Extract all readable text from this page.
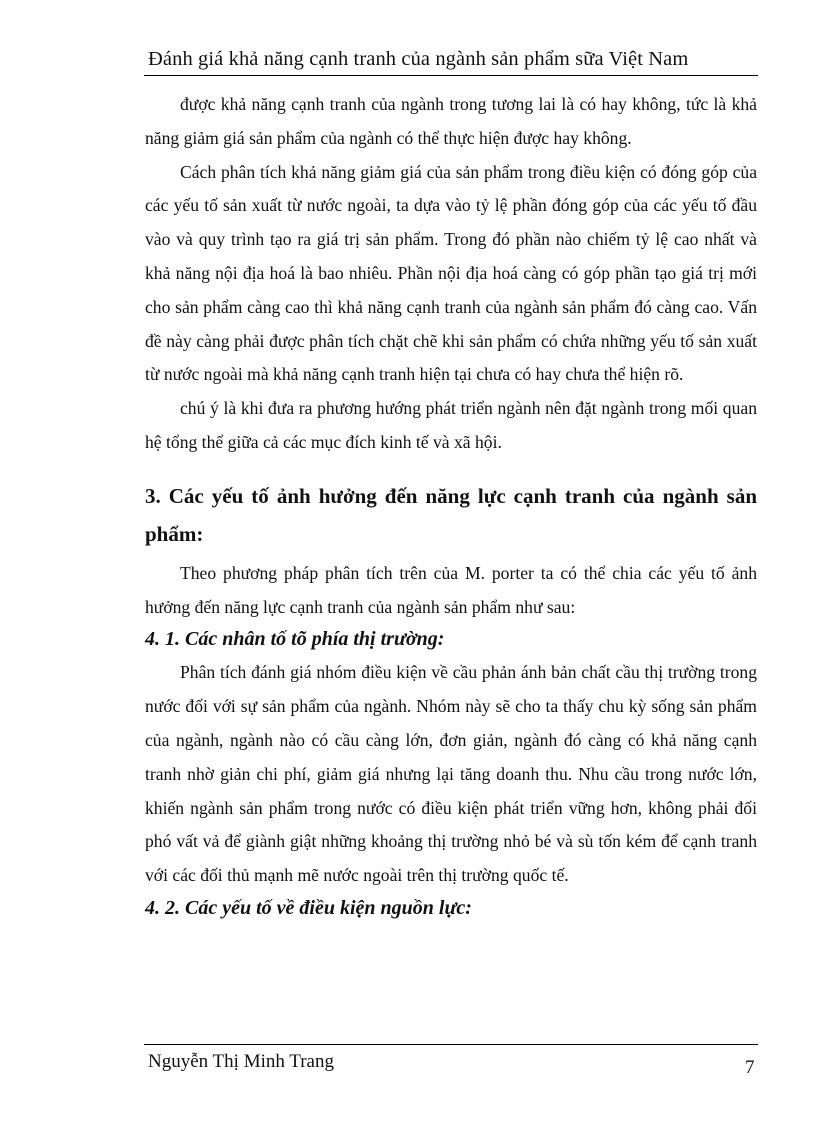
Đánh giá khả năng cạnh tranh của ngành sản phẩm sữa Việt Nam

được khả năng cạnh tranh của ngành trong tương lai là có hay không, tức là khả năng giảm giá sản phẩm của ngành có thể thực hiện được hay không.

Cách phân tích khả năng giảm giá của sản phẩm trong điều kiện có đóng góp của các yếu tố sản xuất từ nước ngoài, ta dựa vào tỷ lệ phần đóng góp của các yếu tố đầu vào và quy trình tạo ra giá trị sản phẩm. Trong đó phần nào chiếm tỷ lệ cao nhất và khả năng nội địa hoá là bao nhiêu. Phần nội địa hoá càng có góp phần tạo giá trị mới cho sản phẩm càng cao thì khả năng cạnh tranh của ngành sản phẩm đó càng cao. Vấn đề này càng phải được phân tích chặt chẽ khi sản phẩm có chứa những yếu tố sản xuất từ nước ngoài mà khả năng cạnh tranh hiện tại chưa có hay chưa thể hiện rõ.

chú ý là khi đưa ra phương hướng phát triển ngành nên đặt ngành trong mối quan hệ tổng thể giữa cả các mục đích kinh tế và xã hội.

3. Các yếu tố ảnh hưởng đến năng lực cạnh tranh của ngành sản phẩm:

Theo phương pháp phân tích trên của M. porter ta có thể chia các yếu tố ảnh hưởng đến năng lực cạnh tranh của ngành sản phẩm như sau:

4. 1. Các nhân tố tõ phía thị trường:

Phân tích đánh giá nhóm điều kiện về cầu phản ánh bản chất cầu thị trường trong nước đối với sự sản phẩm của ngành. Nhóm này sẽ cho ta thấy chu kỳ sống sản phẩm của ngành, ngành nào có cầu càng lớn, đơn giản, ngành đó càng có khả năng cạnh tranh nhờ giản chi phí, giảm giá nhưng lại tăng doanh thu. Nhu cầu trong nước lớn, khiến ngành sản phẩm trong nước có điều kiện phát triển vững hơn, không phải đối phó vất vả để giành giật những khoảng thị trường nhỏ bé và sù tốn kém để cạnh tranh với các đối thủ mạnh mẽ nước ngoài trên thị trường quốc tế.

4. 2. Các yếu tố về điều kiện nguồn lực:
Nguyễn Thị Minh Trang	7
